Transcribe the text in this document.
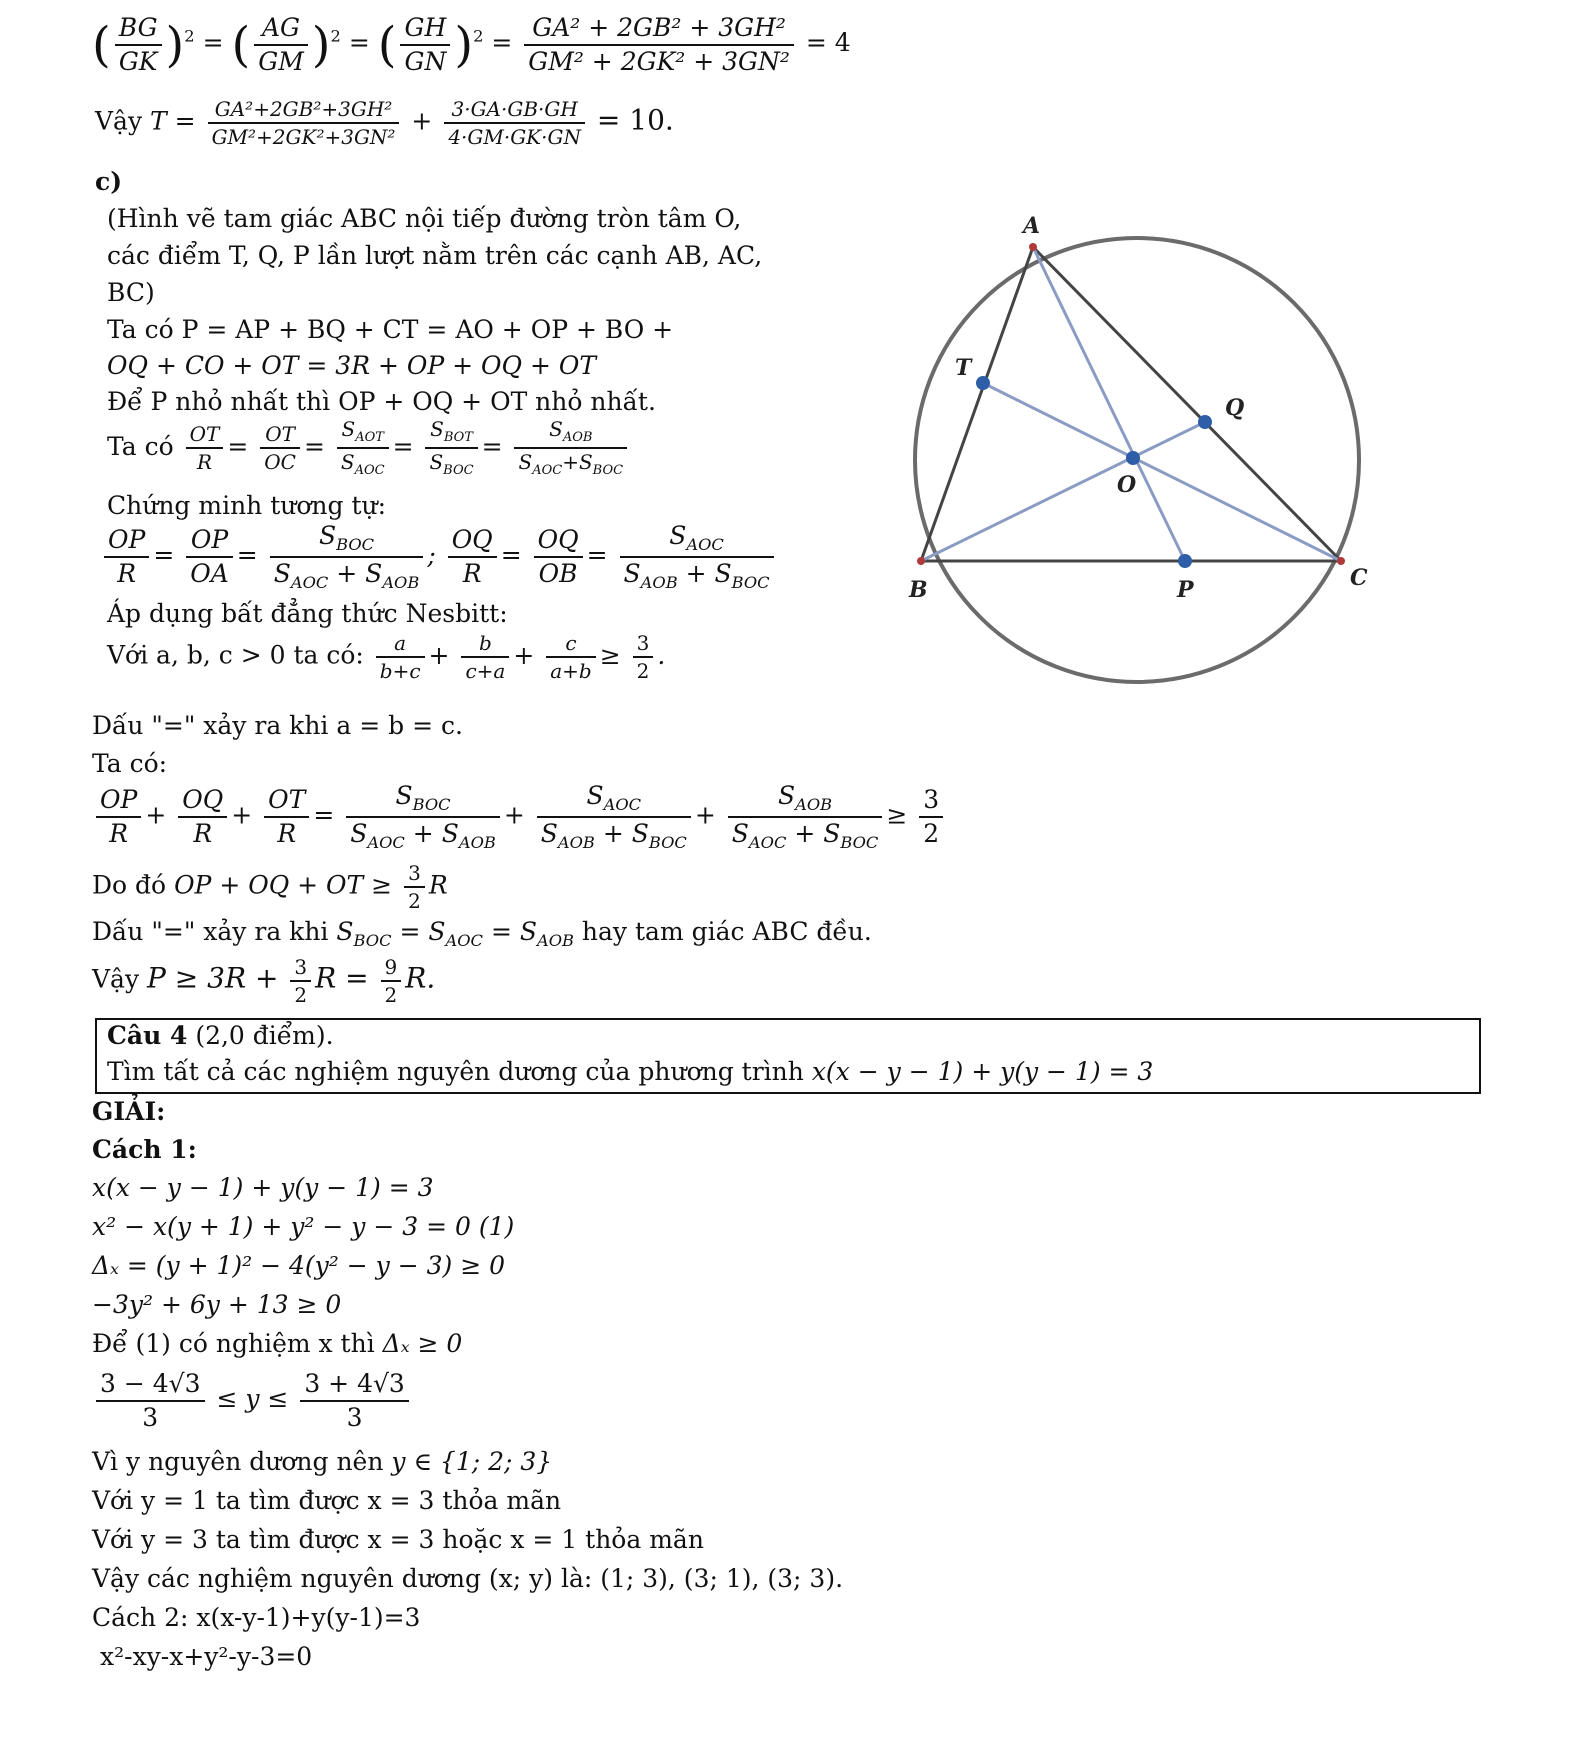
( $\frac{BG}{GK} )^2$ = ( $\frac{AG}{GM} )^2$ = ( $\frac{GH}{GN} )^2 = \frac{\text{GA² + 2GB² + 3GH²}}{\text{GM² + 2GK² + 3GN²}} = 4$
Vậy $T = \frac{\text{GA²+2GB²+3GH²}}{\text{GM²+2GK²+3GN²}} + \frac{3\cdot GA\cdot GB\cdot GH}{4\cdot GM\cdot GK\cdot GN} = 10$.
c)
(Hình vẽ tam giác ABC nội tiếp đường tròn tâm O,
các điểm T, Q, P lần lượt nằm trên các cạnh AB, AC,
BC)
Ta có P = AP + BQ + CT = AO + OP + BO +
OQ + CO + OT = 3R + OP + OQ + OT
Để P nhỏ nhất thì OP + OQ + OT nhỏ nhất.
Ta có $\frac{OT}{R} = \frac{OT}{OC} = \frac{S_{AOT}}{S_{AOC}} = \frac{S_{BOT}}{S_{BOC}} = \frac{S_{AOB}}{S_{AOC}+S_{BOC}}$
Chứng minh tương tự:
$\frac{OP}{R} = \frac{OP}{OA} = \frac{S_{BOC}}{S_{AOC} + S_{AOB}}$ ; $\frac{OQ}{R} = \frac{OQ}{OB} = \frac{S_{AOC}}{S_{AOB} + S_{BOC}}$
Áp dụng bất đẳng thức Nesbitt:
Với a, b, c > 0 ta có: $\frac{a}{b+c} + \frac{b}{c+a} + \frac{c}{a+b} \ge \frac{3}{2}$ .
Dấu "=" xảy ra khi a = b = c.
Ta có:
$\frac{OP}{R} + \frac{OQ}{R} + \frac{OT}{R} = \frac{S_{BOC}}{S_{AOC} + S_{AOB}} + \frac{S_{AOC}}{S_{AOB} + S_{BOC}} + \frac{S_{AOB}}{S_{AOC} + S_{BOC}} \ge \frac{3}{2}$
Do đó OP + OQ + OT ≥ $\frac{3}{2}$ R
Dấu "=" xảy ra khi $S_{BOC} = S_{AOC} = S_{AOB}$ hay tam giác ABC đều.
Vậy $P \ge 3R + \frac{3}{2}$ $R = \frac{9}{2} R$.
Câu 4 (2,0 điểm).
Tìm tất cả các nghiệm nguyên dương của phương trình x(x − y − 1) + y(y − 1) = 3
GIẢI:
Cách 1:
x(x − y − 1) + y(y − 1) = 3
x² − x(y + 1) + y² − y − 3 = 0 (1)
Δₓ = (y + 1)² − 4(y² − y − 3) ≥ 0
−3y² + 6y + 13 ≥ 0
Để (1) có nghiệm x thì Δₓ ≥ 0
$\frac{3 - 4√3}{3} \le y \le \frac{3 + 4√3}{3}$
Vì y nguyên dương nên y ∈ {1; 2; 3}
Với y = 1 ta tìm được x = 3 thỏa mãn
Với y = 3 ta tìm được x = 3 hoặc x = 1 thỏa mãn
Vậy các nghiệm nguyên dương (x; y) là: (1; 3), (3; 1), (3; 3).
Cách 2: x(x-y-1)+y(y-1)=3
x²-xy-x+y²-y-3=0
A
B	C
T
Q
O
P
